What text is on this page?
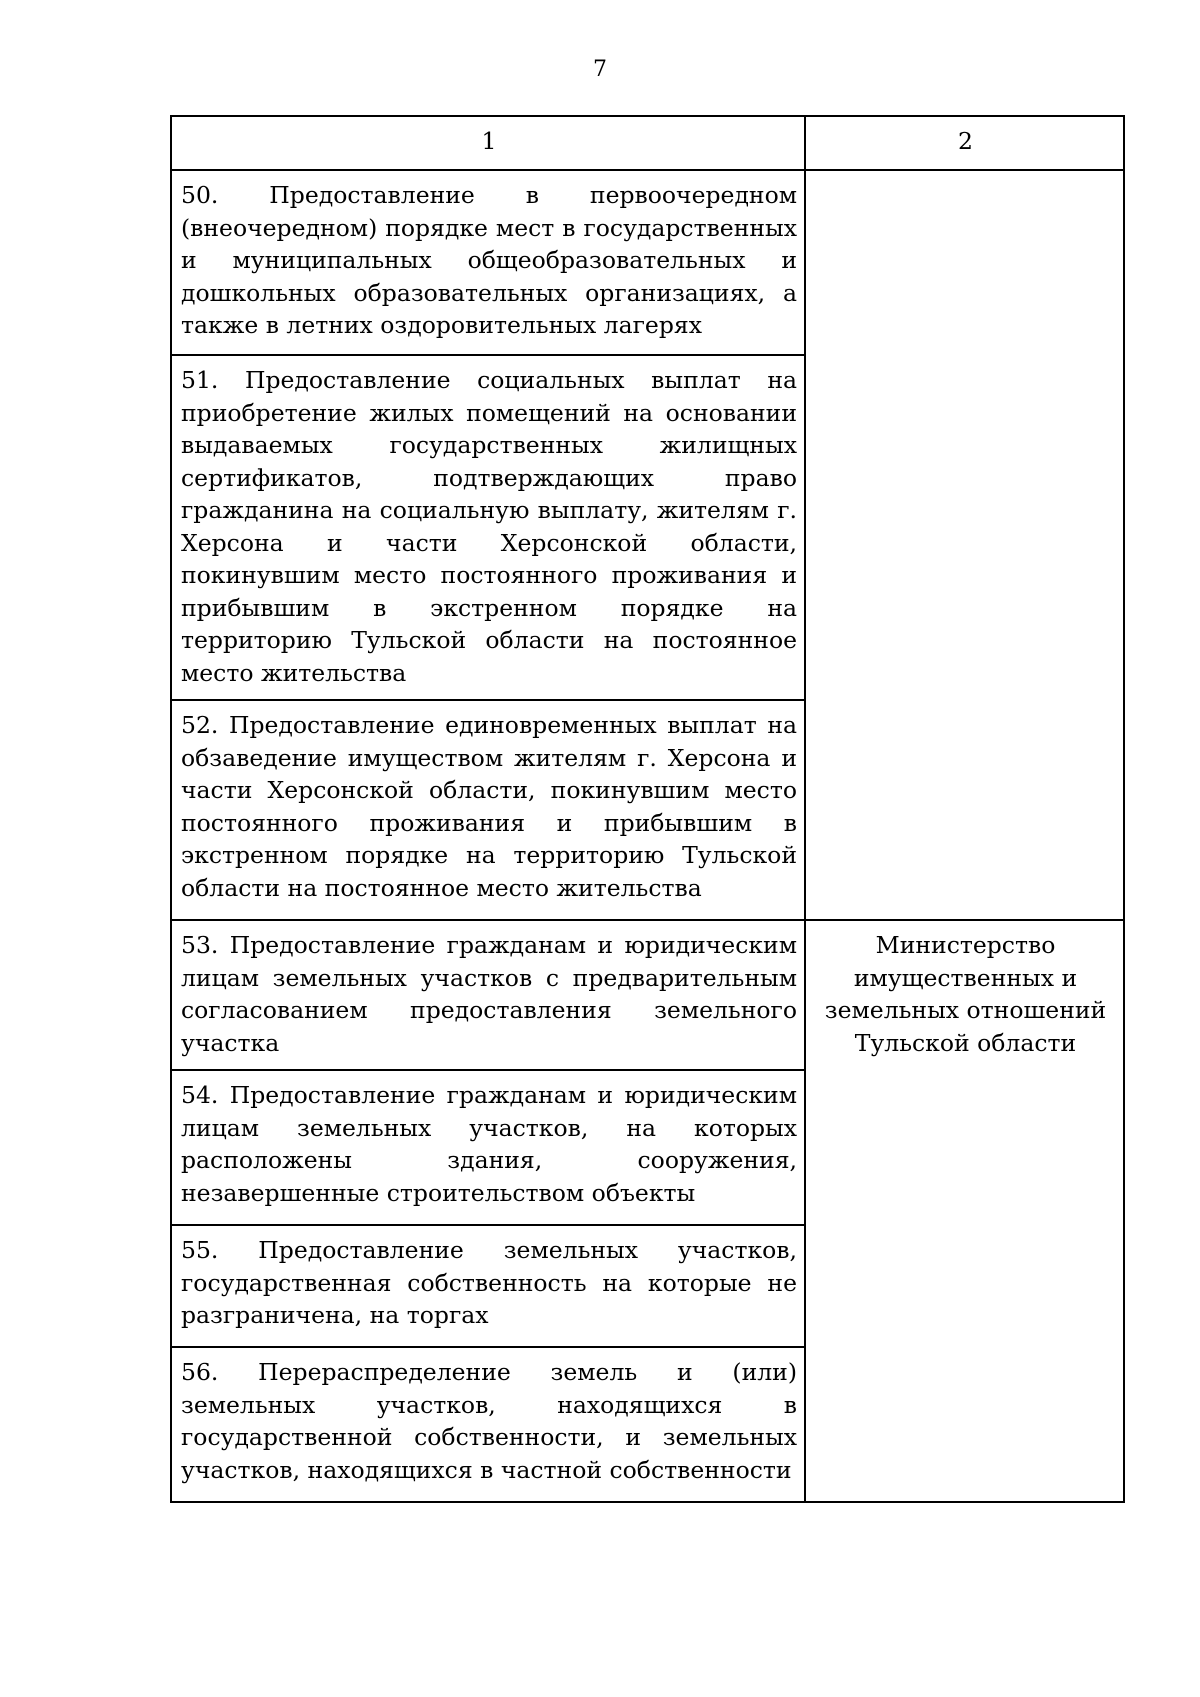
7
1	2
50. Предоставление в первоочередном (внеочередном) порядке мест в государственных и муниципальных общеобразовательных и дошкольных образовательных организациях, а также в летних оздоровительных лагерях	
51. Предоставление социальных выплат на приобретение жилых помещений на основании выдаваемых государственных жилищных сертификатов, подтверждающих право гражданина на социальную выплату, жителям г. Херсона и части Херсонской области, покинувшим место постоянного проживания и прибывшим в экстренном порядке на территорию Тульской области на постоянное место жительства	
52. Предоставление единовременных выплат на обзаведение имуществом жителям г. Херсона и части Херсонской области, покинувшим место постоянного проживания и прибывшим в экстренном порядке на территорию Тульской области на постоянное место жительства	
53. Предоставление гражданам и юридическим лицам земельных участков с предварительным согласованием предоставления земельного участка	Министерство имущественных и земельных отношений Тульской области
54. Предоставление гражданам и юридическим лицам земельных участков, на которых расположены здания, сооружения, незавершенные строительством объекты	
55. Предоставление земельных участков, государственная собственность на которые не разграничена, на торгах	
56. Перераспределение земель и (или) земельных участков, находящихся в государственной собственности, и земельных участков, находящихся в частной собственности	
